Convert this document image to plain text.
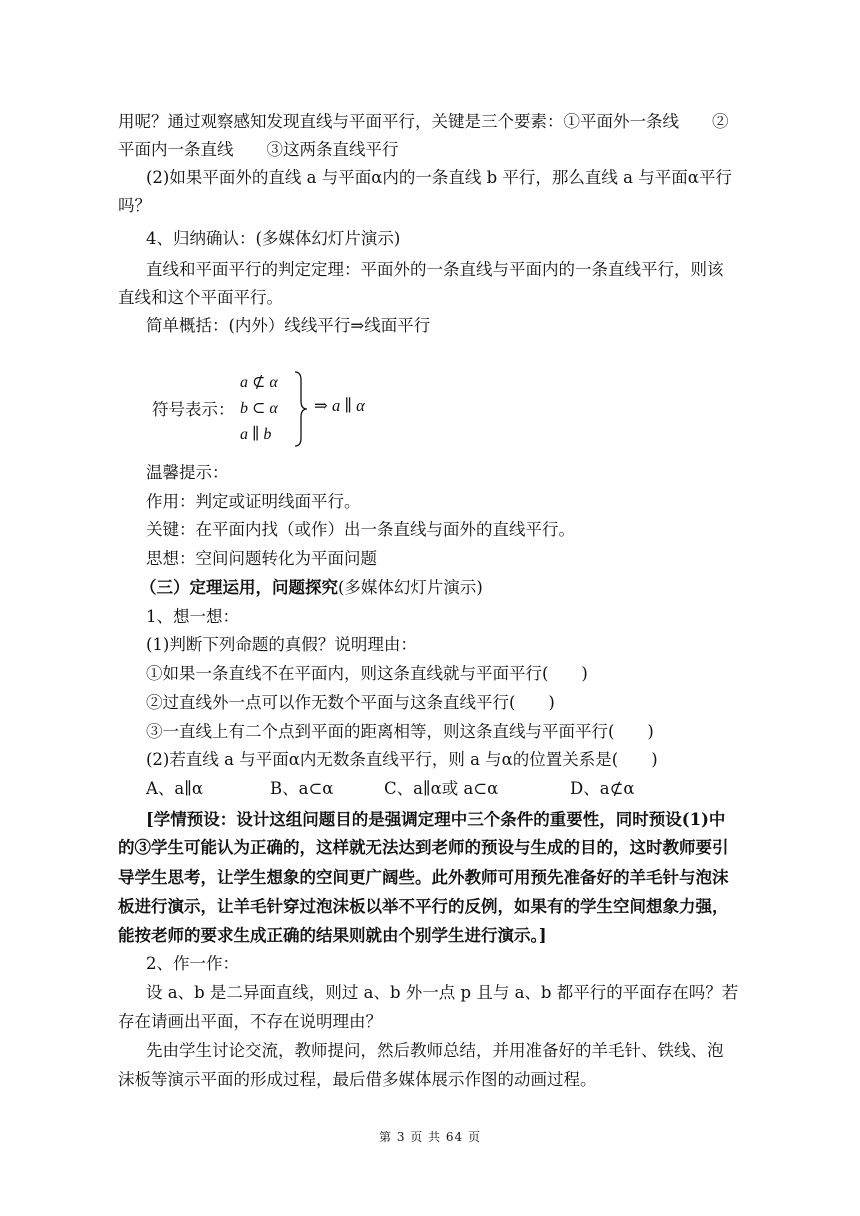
用呢？通过观察感知发现直线与平面平行，关键是三个要素：①平面外一条线　　②
平面内一条直线　　③这两条直线平行
(2)如果平面外的直线 a 与平面α内的一条直线 b 平行，那么直线 a 与平面α平行
吗？
4、归纳确认：(多媒体幻灯片演示)
直线和平面平行的判定定理：平面外的一条直线与平面内的一条直线平行，则该
直线和这个平面平行。
简单概括：(内外）线线平行⇒线面平行
符号表示：
a ⊄ α
b ⊂ α
a ∥ b
⇒ a ∥ α
温馨提示：
作用：判定或证明线面平行。
关键：在平面内找（或作）出一条直线与面外的直线平行。
思想：空间问题转化为平面问题
（三）定理运用，问题探究(多媒体幻灯片演示)
1、想一想：
(1)判断下列命题的真假？说明理由：
①如果一条直线不在平面内，则这条直线就与平面平行(　　)
②过直线外一点可以作无数个平面与这条直线平行(　　)
③一直线上有二个点到平面的距离相等，则这条直线与平面平行(　　)
(2)若直线 a 与平面α内无数条直线平行，则 a 与α的位置关系是(　　)
A、a∥α	B、a⊂α	C、a∥α或 a⊂α	D、a⊄α
[学情预设：设计这组问题目的是强调定理中三个条件的重要性，同时预设(1)中
的③学生可能认为正确的，这样就无法达到老师的预设与生成的目的，这时教师要引
导学生思考，让学生想象的空间更广阔些。此外教师可用预先准备好的羊毛针与泡沫
板进行演示，让羊毛针穿过泡沫板以举不平行的反例，如果有的学生空间想象力强，
能按老师的要求生成正确的结果则就由个别学生进行演示。]
2、作一作：
设 a、b 是二异面直线，则过 a、b 外一点 p 且与 a、b 都平行的平面存在吗？若
存在请画出平面，不存在说明理由？
先由学生讨论交流，教师提问，然后教师总结，并用准备好的羊毛针、铁线、泡
沫板等演示平面的形成过程，最后借多媒体展示作图的动画过程。
第 3 页 共 64 页
